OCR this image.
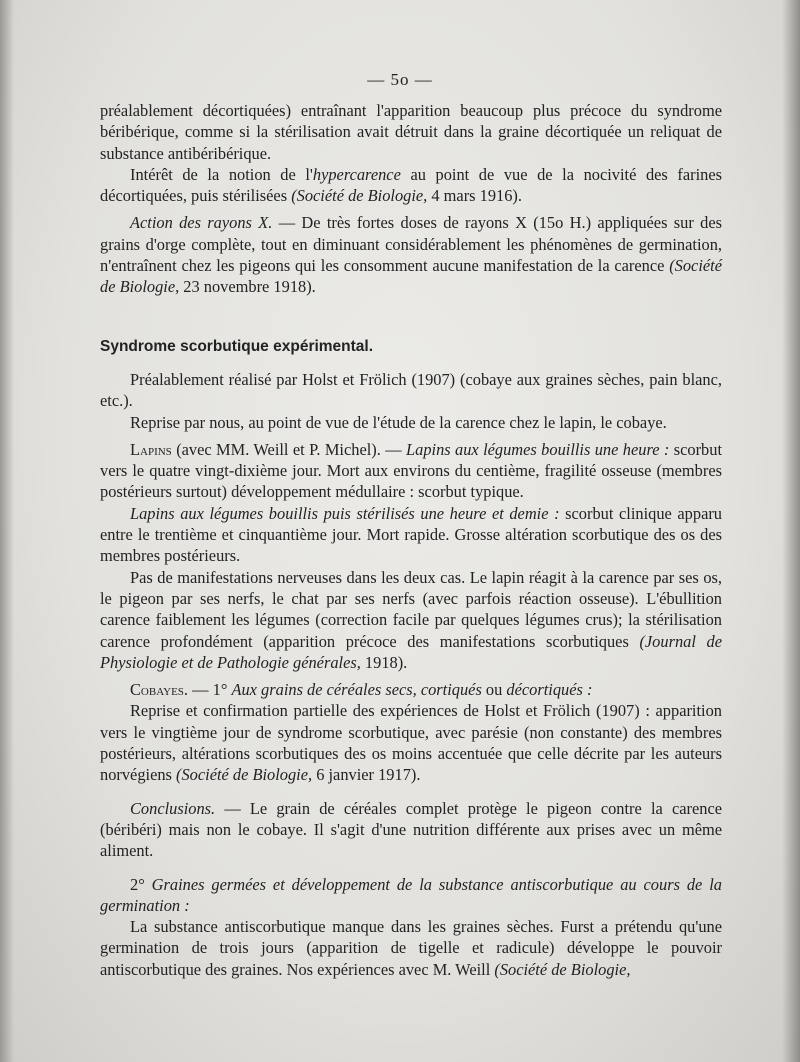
— 5o —

préalablement décortiquées) entraînant l'apparition beaucoup plus précoce du syndrome béribérique, comme si la stérilisation avait détruit dans la graine décortiquée un reliquat de substance antibéribérique.

Intérêt de la notion de l'hypercarence au point de vue de la nocivité des farines décortiquées, puis stérilisées (Société de Biologie, 4 mars 1916).

Action des rayons X. — De très fortes doses de rayons X (15o H.) appliquées sur des grains d'orge complète, tout en diminuant considérablement les phénomènes de germination, n'entraînent chez les pigeons qui les consomment aucune manifestation de la carence (Société de Biologie, 23 novembre 1918).

Syndrome scorbutique expérimental.

Préalablement réalisé par Holst et Frölich (1907) (cobaye aux graines sèches, pain blanc, etc.).

Reprise par nous, au point de vue de l'étude de la carence chez le lapin, le cobaye.

Lapins (avec MM. Weill et P. Michel). — Lapins aux légumes bouillis une heure : scorbut vers le quatre vingt-dixième jour. Mort aux environs du centième, fragilité osseuse (membres postérieurs surtout) développement médullaire : scorbut typique.

Lapins aux légumes bouillis puis stérilisés une heure et demie : scorbut clinique apparu entre le trentième et cinquantième jour. Mort rapide. Grosse altération scorbutique des os des membres postérieurs.

Pas de manifestations nerveuses dans les deux cas. Le lapin réagit à la carence par ses os, le pigeon par ses nerfs, le chat par ses nerfs (avec parfois réaction osseuse). L'ébullition carence faiblement les légumes (correction facile par quelques légumes crus); la stérilisation carence profondément (apparition précoce des manifestations scorbutiques (Journal de Physiologie et de Pathologie générales, 1918).

Cobayes. — 1° Aux grains de céréales secs, cortiqués ou décortiqués :

Reprise et confirmation partielle des expériences de Holst et Frölich (1907) : apparition vers le vingtième jour de syndrome scorbutique, avec parésie (non constante) des membres postérieurs, altérations scorbutiques des os moins accentuée que celle décrite par les auteurs norvégiens (Société de Biologie, 6 janvier 1917).

Conclusions. — Le grain de céréales complet protège le pigeon contre la carence (béribéri) mais non le cobaye. Il s'agit d'une nutrition différente aux prises avec un même aliment.

2° Graines germées et développement de la substance antiscorbutique au cours de la germination :

La substance antiscorbutique manque dans les graines sèches. Furst a prétendu qu'une germination de trois jours (apparition de tigelle et radicule) développe le pouvoir antiscorbutique des graines. Nos expériences avec M. Weill (Société de Biologie,
